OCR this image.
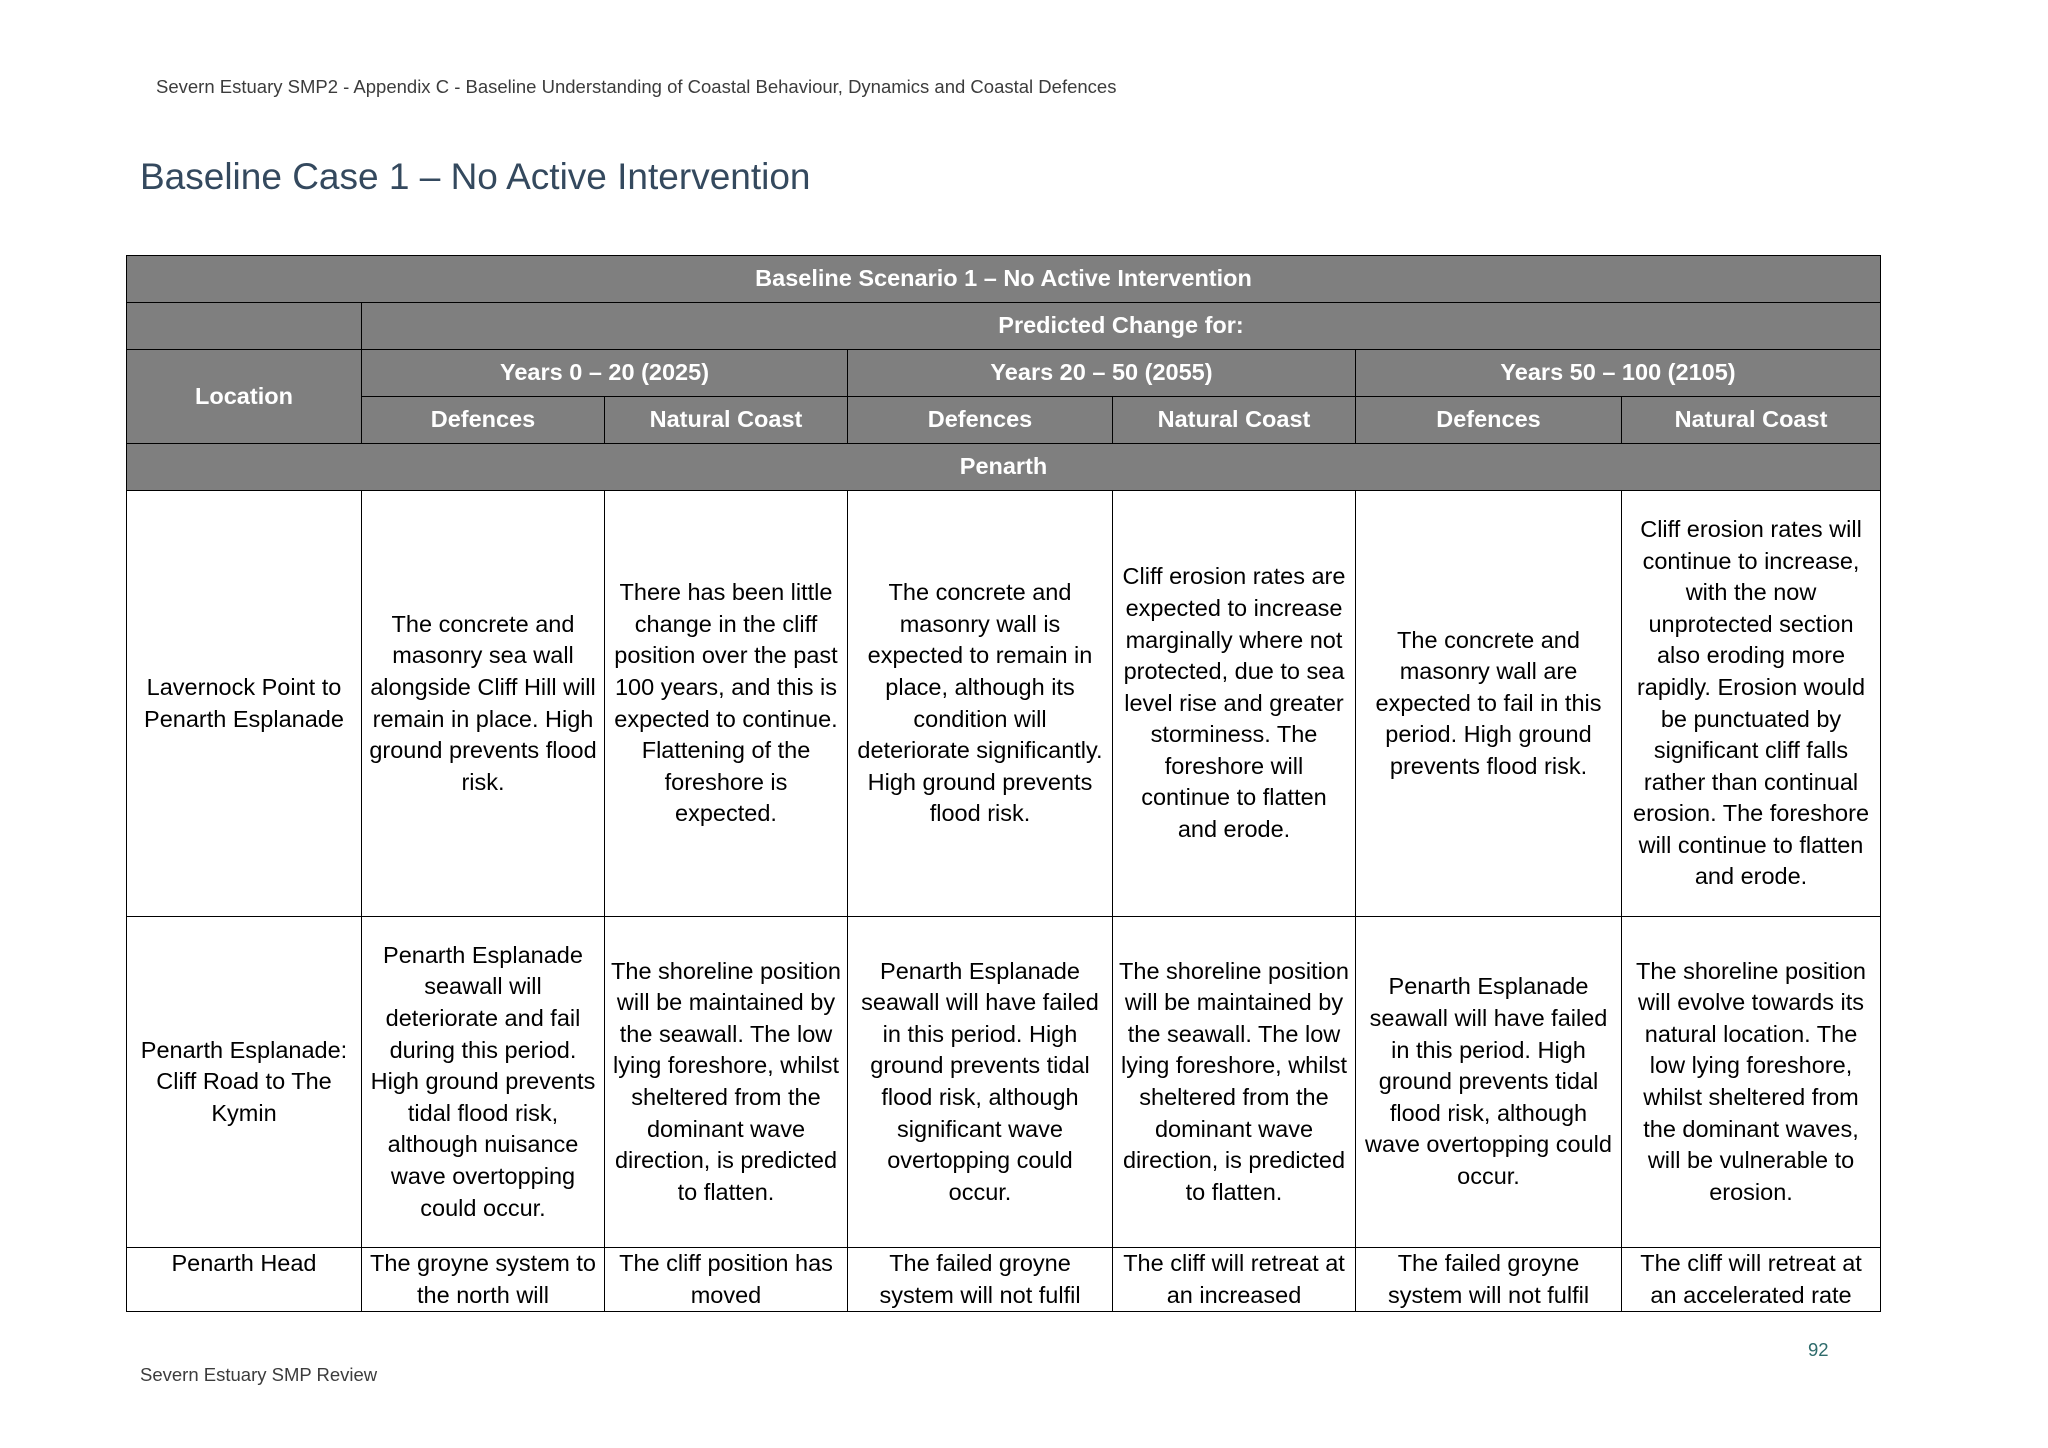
Severn Estuary SMP2 - Appendix C - Baseline Understanding of Coastal Behaviour, Dynamics and Coastal Defences
Baseline Case 1 – No Active Intervention
Baseline Scenario 1 – No Active Intervention						
	Predicted Change for:					
Location	Years 0 – 20 (2025)		Years 20 – 50 (2055)		Years 50 – 100 (2105)	
	Defences	Natural Coast	Defences	Natural Coast	Defences	Natural Coast
Penarth						
Lavernock Point to Penarth Esplanade	The concrete and masonry sea wall alongside Cliff Hill will remain in place. High ground prevents flood risk.	There has been little change in the cliff position over the past 100 years, and this is expected to continue. Flattening of the foreshore is expected.	The concrete and masonry wall is expected to remain in place, although its condition will deteriorate significantly. High ground prevents flood risk.	Cliff erosion rates are expected to increase marginally where not protected, due to sea level rise and greater storminess. The foreshore will continue to flatten and erode.	The concrete and masonry wall are expected to fail in this period. High ground prevents flood risk.	Cliff erosion rates will continue to increase, with the now unprotected section also eroding more rapidly. Erosion would be punctuated by significant cliff falls rather than continual erosion. The foreshore will continue to flatten and erode.
Penarth Esplanade: Cliff Road to The Kymin	Penarth Esplanade seawall will deteriorate and fail during this period. High ground prevents tidal flood risk, although nuisance wave overtopping could occur.	The shoreline position will be maintained by the seawall. The low lying foreshore, whilst sheltered from the dominant wave direction, is predicted to flatten.	Penarth Esplanade seawall will have failed in this period. High ground prevents tidal flood risk, although significant wave overtopping could occur.	The shoreline position will be maintained by the seawall. The low lying foreshore, whilst sheltered from the dominant wave direction, is predicted to flatten.	Penarth Esplanade seawall will have failed in this period. High ground prevents tidal flood risk, although wave overtopping could occur.	The shoreline position will evolve towards its natural location. The low lying foreshore, whilst sheltered from the dominant waves, will be vulnerable to erosion.
Penarth Head	The groyne system to the north will	The cliff position has moved	The failed groyne system will not fulfil	The cliff will retreat at an increased	The failed groyne system will not fulfil	The cliff will retreat at an accelerated rate
92
Severn Estuary SMP Review
